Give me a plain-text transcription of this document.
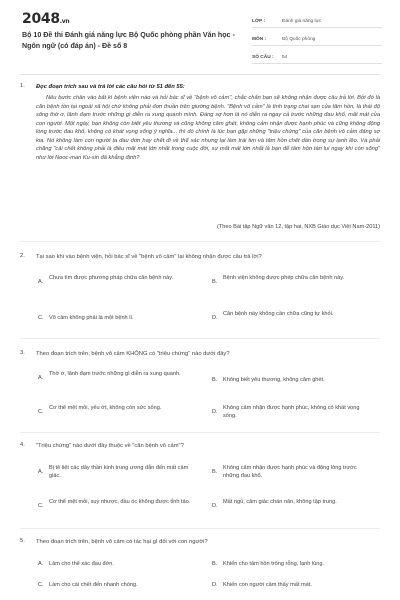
2048.vn
Bộ 10 Đề thi Đánh giá năng lực Bộ Quốc phòng phần Văn học - Ngôn ngữ (có đáp án) - Đề số 8
LỚP :	Đánh giá năng lực
MÔN :	Bộ Quốc phòng
SỐ CÂU :	54
1. Đọc đoạn trích sau và trả lời các câu hỏi từ 51 đến 55:

Nếu bước chân vào bất kì bệnh viện nào và hỏi bác sĩ về "bệnh vô cảm", chắc chắn bạn sẽ không nhận được câu trả lời. Bởi đó là căn bệnh tồn tại ngoài xã hội chứ không phải đơn thuần trên giường bệnh. "Bệnh vô cảm" là tình trạng chai sạn của tâm hồn, là thái độ sống thờ ơ, lãnh đạm trước những gì diễn ra xung quanh mình. Đáng sợ hơn là nó diễn ra ngay cả trước những đau khổ, mất mát của con người. Một ngày, bạn không còn biết yêu thương và cũng không căm ghét, không cảm nhận được hạnh phúc và cũng không động lòng trước đau khổ, không có khát vọng sống ý nghĩa... thì đó chính là lúc bạn gặp những "triệu chứng" của căn bệnh vô cảm đáng sợ kia. Nó không làm con người ta đau đớn hay chết đi về thể xác nhưng lại làm trái tim và tâm hồn chết dần trong sự lạnh lẽo. Và phải chăng "cái chết không phải là điều mất mát lớn nhất trong cuộc đời, sự mất mát lớn nhất là bạn để tâm hồn tàn lụi ngay khi còn sống" như lời Nooc-man Ku-sin đã khẳng định?

(Theo Bài tập Ngữ văn 12, tập hai, NXB Giáo dục Việt Nam-2011)
2. Tại sao khi vào bệnh viện, hỏi bác sĩ về "bệnh vô cảm" lại không nhận được câu trả lời?
A.
Chưa tìm được phương pháp chữa căn bệnh này.
B.
Bệnh viện không được phép chữa căn bệnh này.
C. Vô cảm không phải là một bệnh lí.	D.
Căn bệnh này không cần chữa cũng tự khỏi.
3. Theo đoạn trích trên, bệnh vô cảm KHÔNG có "triệu chứng" nào dưới đây?
A.
Thờ ơ, lãnh đạm trước những gì diễn ra xung quanh.
B. Không biết yêu thương, không căm ghét.
C.
Cơ thể mệt mỏi, yếu ớt, không còn sức sống.
D.
Không cảm nhận được hạnh phúc, không có khát vọng sống.
4. "Triệu chứng" nào dưới đây thuộc về "căn bệnh vô cảm"?
A.
Bị tê liệt các dây thần kinh trung ương dẫn đến mất cảm giác.
B.
Không cảm nhận được hạnh phúc và động lòng trước những đau khổ.
C.
Cơ thể mệt mỏi, suy nhược, đầu óc không được tỉnh táo.
D.
Mất ngủ, cảm giác chán nản, không tập trung.
5. Theo đoạn trích trên, bệnh vô cảm có tác hại gì đối với con người?
A. Làm cho thể xác đau đớn.	B. Khiến cho tâm hồn trống rỗng, lạnh lùng.
C. Làm cho cái chết đến nhanh chóng.	D. Khiến con người cảm thấy mất mát.
